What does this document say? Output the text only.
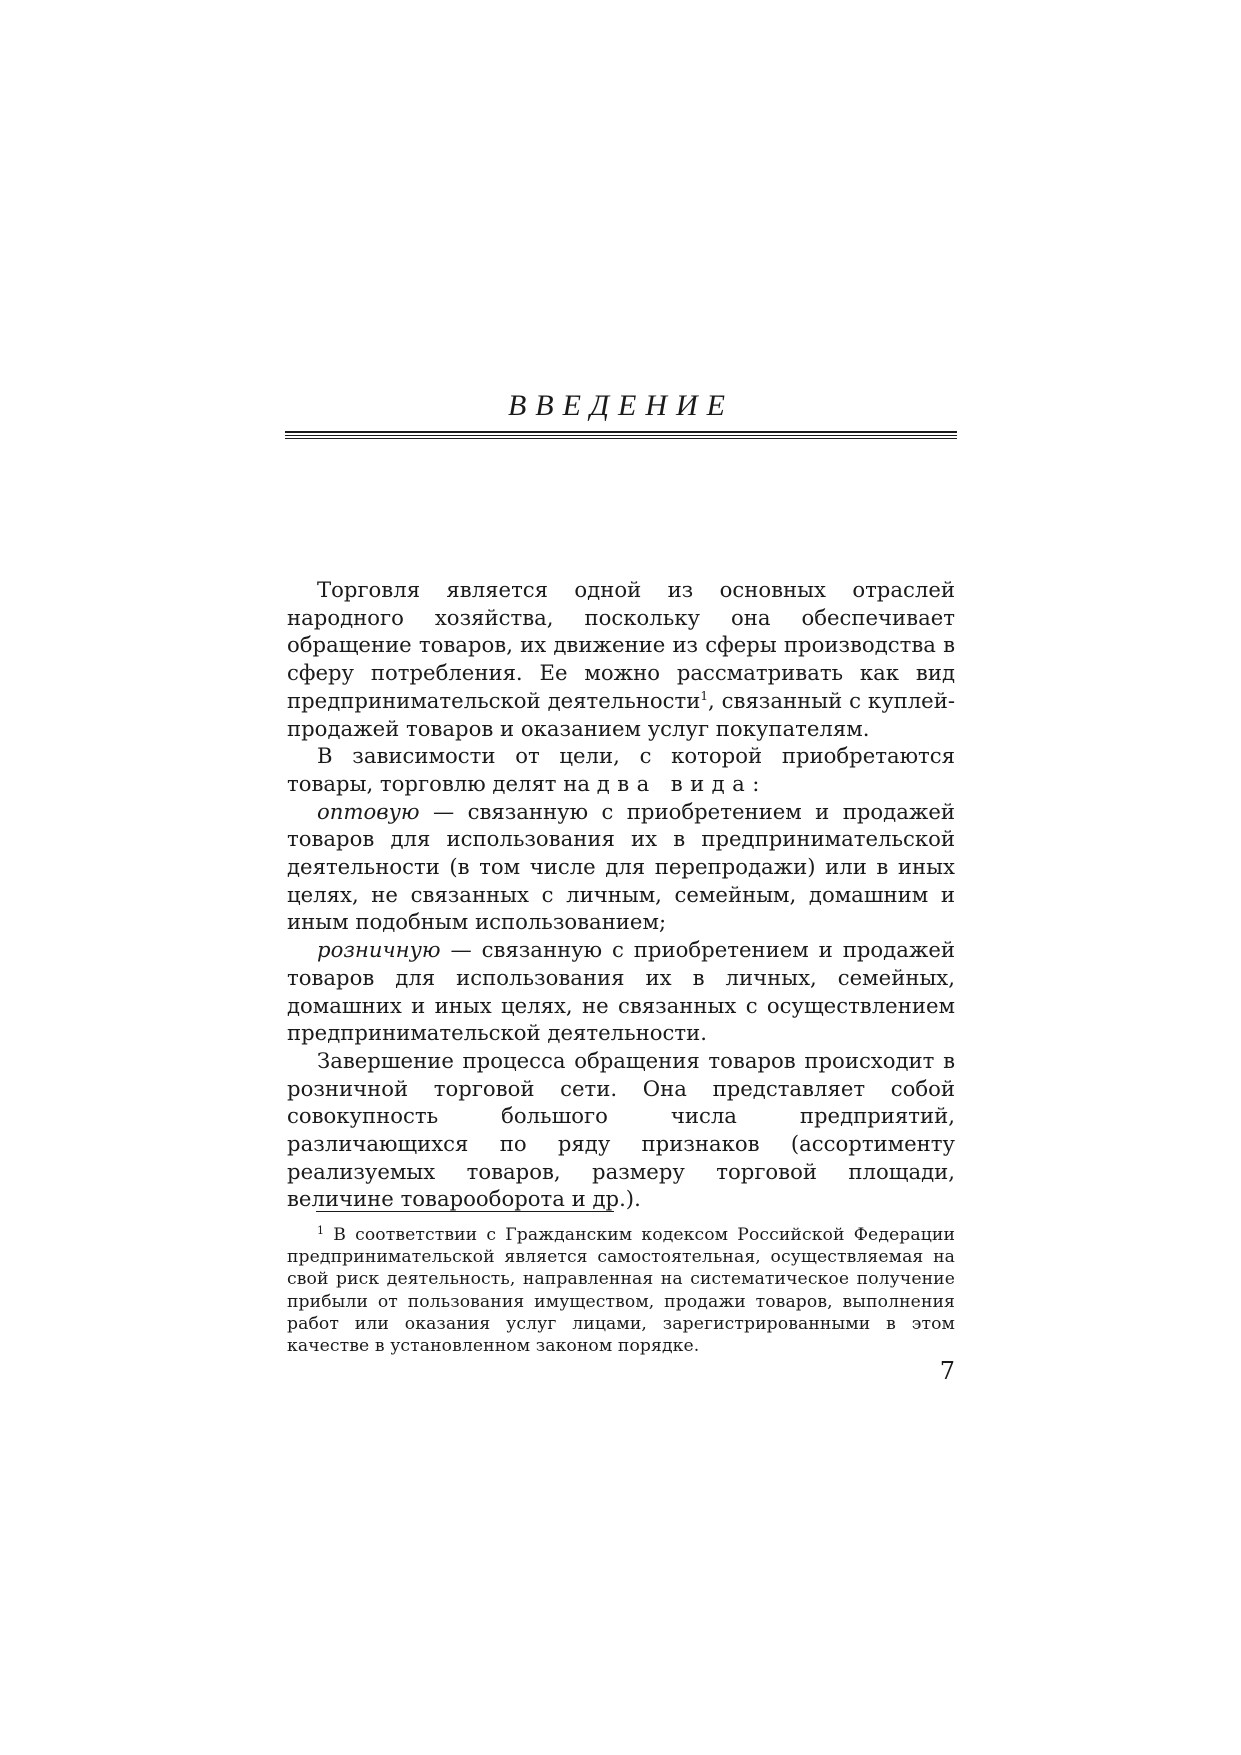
ВВЕДЕНИЕ

Торговля является одной из основных отраслей народного хозяйства, поскольку она обеспечивает обращение товаров, их движение из сферы производства в сферу потребления. Ее можно рассматривать как вид предпринимательской деятельности$^1$, связанный с куплей-продажей товаров и оказанием услуг покупателям.

В зависимости от цели, с которой приобретаются товары, торговлю делят на два вида:

оптовую — связанную с приобретением и продажей товаров для использования их в предпринимательской деятельности (в том числе для перепродажи) или в иных целях, не связанных с личным, семейным, домашним и иным подобным использованием;

розничную — связанную с приобретением и продажей товаров для использования их в личных, семейных, домашних и иных целях, не связанных с осуществлением предпринимательской деятельности.

Завершение процесса обращения товаров происходит в розничной торговой сети. Она представляет собой совокупность большого числа предприятий, различающихся по ряду признаков (ассортименту реализуемых товаров, размеру торговой площади, величине товарооборота и др.).

$^1$ В соответствии с Гражданским кодексом Российской Федерации предпринимательской является самостоятельная, осуществляемая на свой риск деятельность, направленная на систематическое получение прибыли от пользования имуществом, продажи товаров, выполнения работ или оказания услуг лицами, зарегистрированными в этом качестве в установленном законом порядке.

7
